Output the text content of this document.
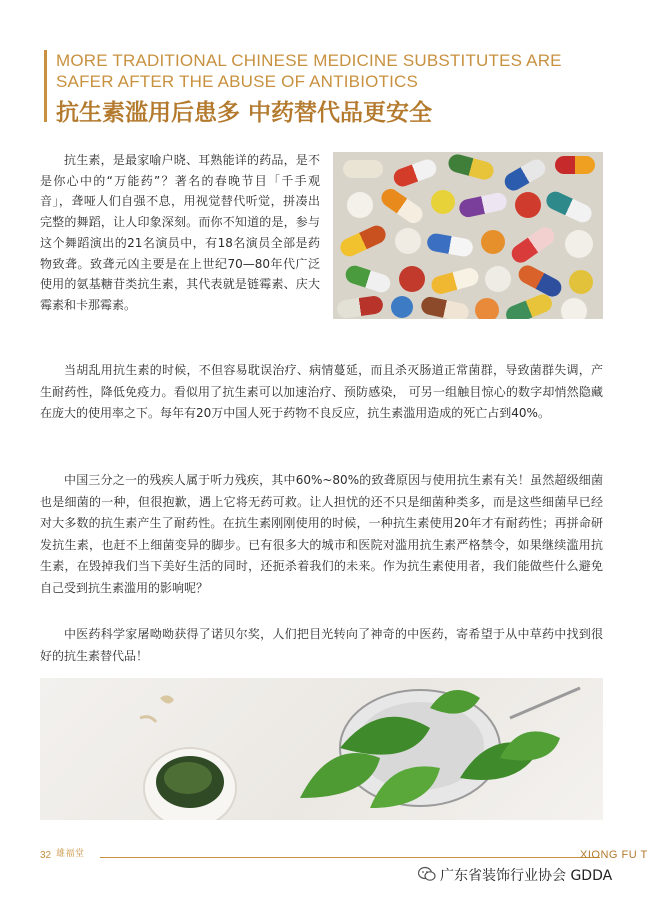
MORE TRADITIONAL CHINESE MEDICINE SUBSTITUTES ARE SAFER AFTER THE ABUSE OF ANTIBIOTICS
抗生素滥用后患多 中药替代品更安全

抗生素，是最家喻户晓、耳熟能详的药品，是不是你心中的“万能药”？著名的春晚节目「千手观音」，聋哑人们自强不息，用视觉替代听觉，拼凑出完整的舞蹈，让人印象深刻。而你不知道的是，参与这个舞蹈演出的21名演员中，有18名演员全部是药物致聋。致聋元凶主要是在上世纪70—80年代广泛使用的氨基糖苷类抗生素，其代表就是链霉素、庆大霉素和卡那霉素。

当胡乱用抗生素的时候，不但容易耽误治疗、病情蔓延，而且杀灭肠道正常菌群，导致菌群失调，产生耐药性，降低免疫力。看似用了抗生素可以加速治疗、预防感染， 可另一组触目惊心的数字却悄然隐藏在庞大的使用率之下。每年有20万中国人死于药物不良反应，抗生素滥用造成的死亡占到40%。

中国三分之一的残疾人属于听力残疾，其中60%~80%的致聋原因与使用抗生素有关！虽然超级细菌也是细菌的一种，但很抱歉，遇上它将无药可救。让人担忧的还不只是细菌种类多，而是这些细菌早已经对大多数的抗生素产生了耐药性。在抗生素刚刚使用的时候，一种抗生素使用20年才有耐药性；再拼命研发抗生素，也赶不上细菌变异的脚步。已有很多大的城市和医院对滥用抗生素严格禁令，如果继续滥用抗生素，在毁掉我们当下美好生活的同时，还扼杀着我们的未来。作为抗生素使用者，我们能做些什么避免自己受到抗生素滥用的影响呢？

中医药科学家屠呦呦获得了诺贝尔奖，人们把目光转向了神奇的中医药，寄希望于从中草药中找到很好的抗生素替代品！

32 雄福堂	XIONG FU T
广东省装饰行业协会 GDDA
